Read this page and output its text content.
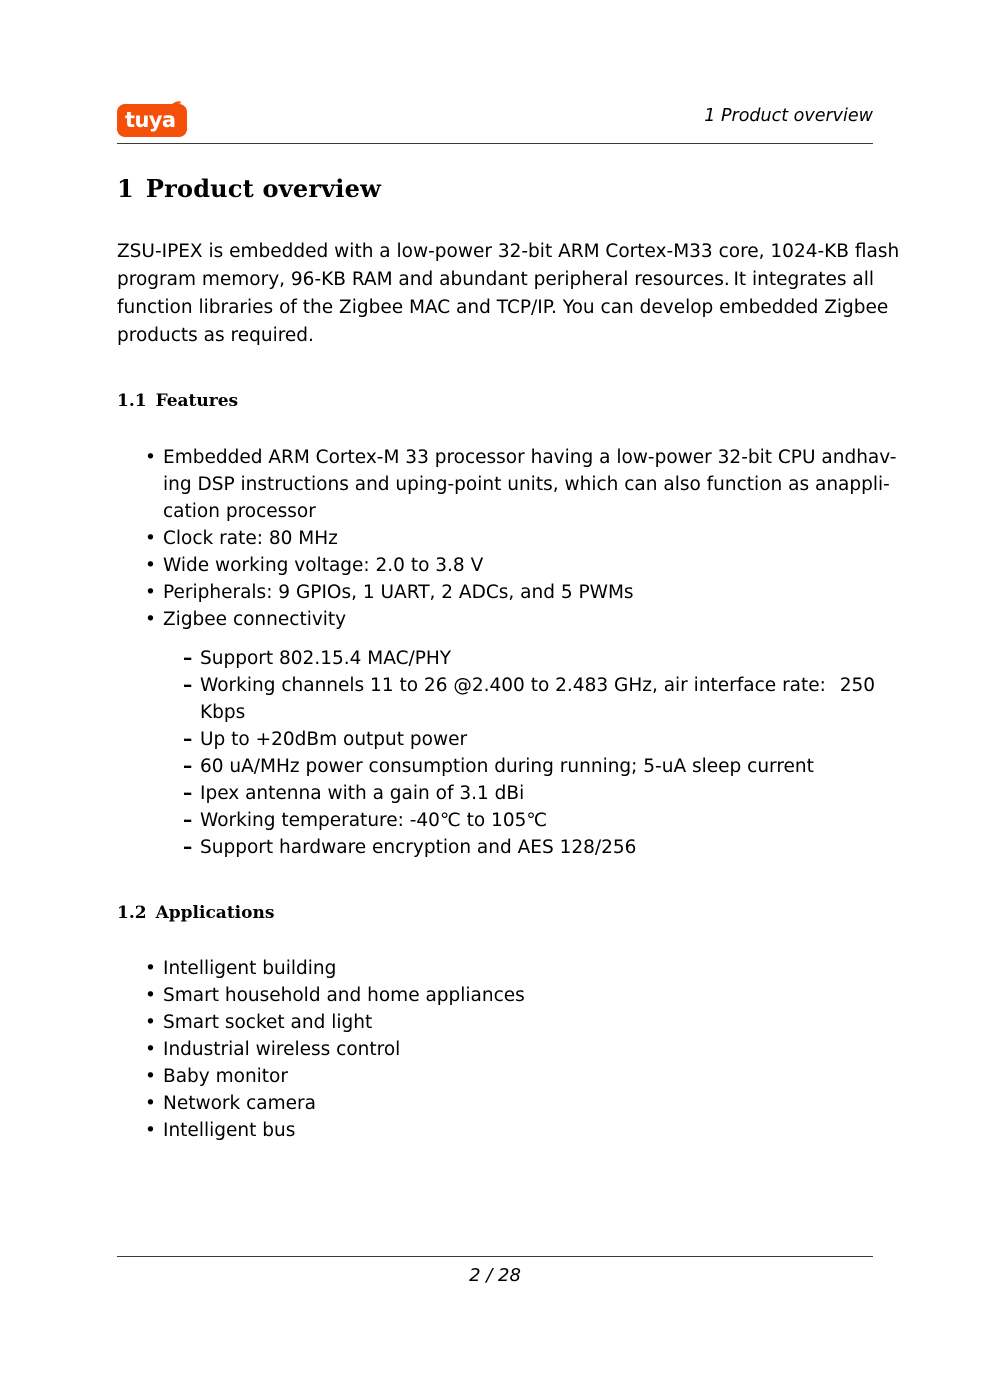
tuya	1 Product overview
1 Product overview
ZSU-IPEX is embedded with a low-power 32-bit ARM Cortex-M33 core, 1024-KB flash
program memory, 96-KB RAM and abundant peripheral resources. It integrates all
function libraries of the Zigbee MAC and TCP/IP. You can develop embedded Zigbee
products as required.
1.1 Features
• Embedded ARM Cortex-M 33 processor having a low-power 32-bit CPU and hav-
ing DSP instructions and uping-point units, which can also function as an appli-
cation processor
• Clock rate: 80 MHz
• Wide working voltage: 2.0 to 3.8 V
• Peripherals: 9 GPIOs, 1 UART, 2 ADCs, and 5 PWMs
• Zigbee connectivity
– Support 802.15.4 MAC/PHY
– Working channels 11 to 26 @2.400 to 2.483 GHz, air interface rate: 250
Kbps
– Up to +20dBm output power
– 60 uA/MHz power consumption during running; 5-uA sleep current
– Ipex antenna with a gain of 3.1 dBi
– Working temperature: -40℃ to 105℃
– Support hardware encryption and AES 128/256
1.2 Applications
• Intelligent building
• Smart household and home appliances
• Smart socket and light
• Industrial wireless control
• Baby monitor
• Network camera
• Intelligent bus
2 / 28
